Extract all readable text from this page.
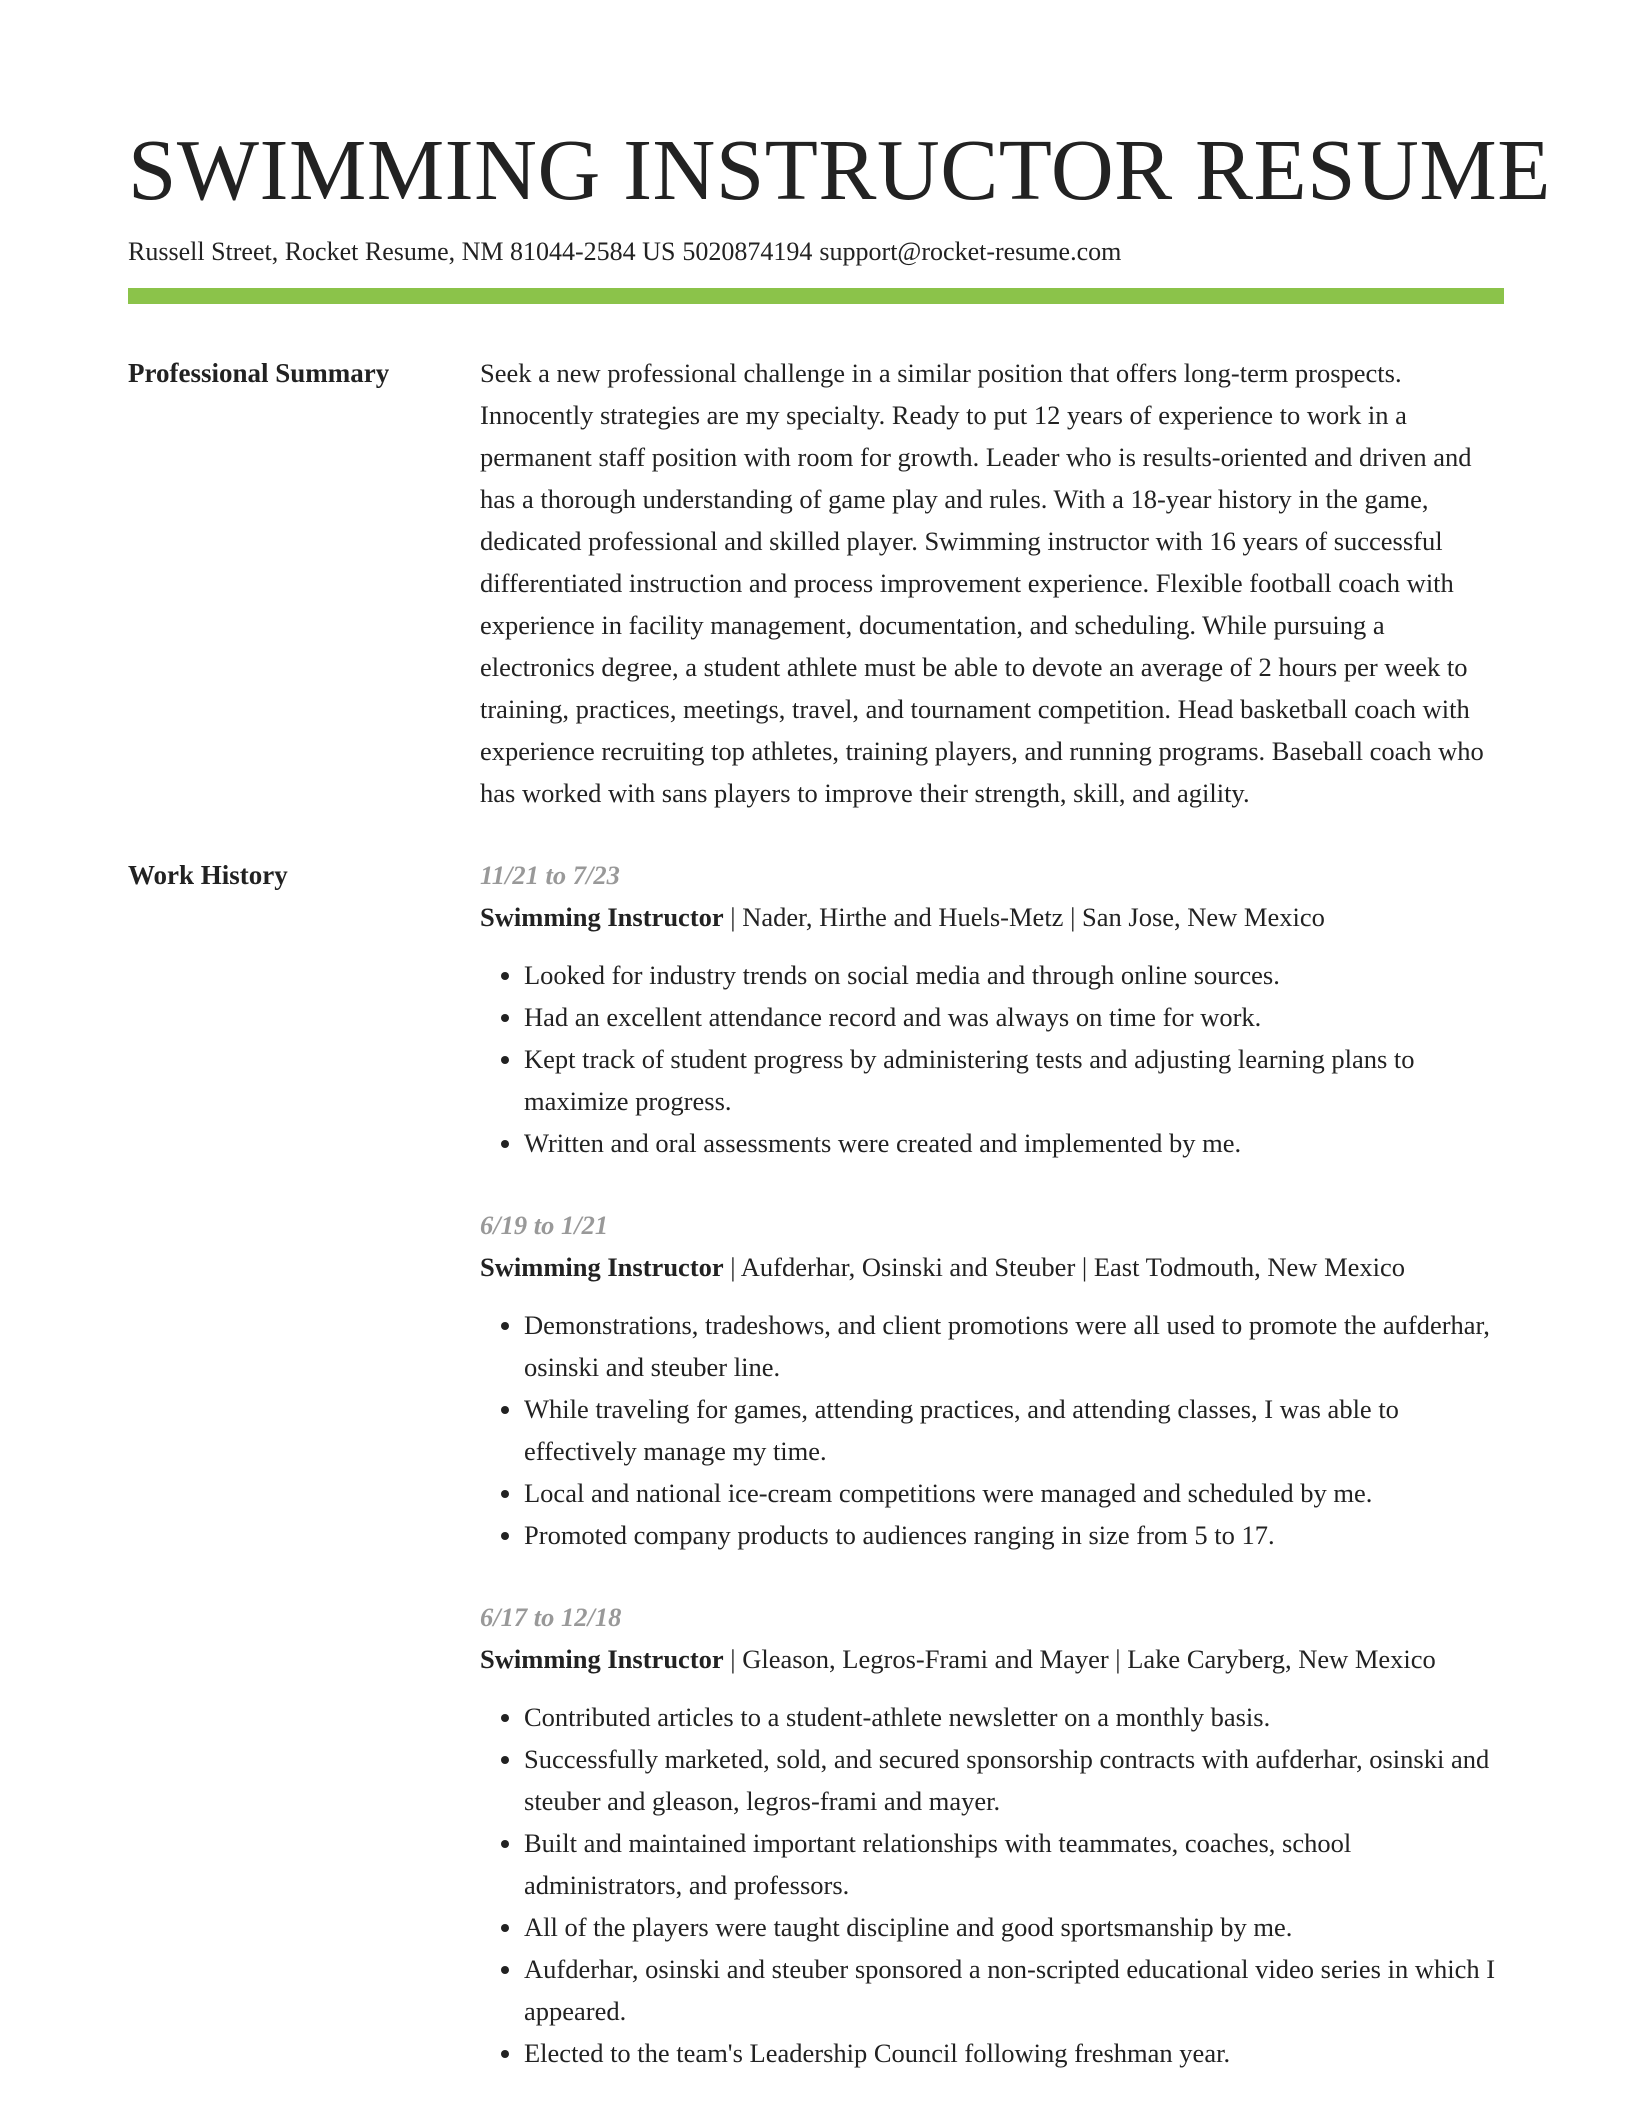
SWIMMING INSTRUCTOR RESUME
Russell Street, Rocket Resume, NM 81044-2584 US 5020874194 support@rocket-resume.com
Professional Summary	Seek a new professional challenge in a similar position that offers long-term prospects. Innocently strategies are my specialty. Ready to put 12 years of experience to work in a permanent staff position with room for growth. Leader who is results-oriented and driven and has a thorough understanding of game play and rules. With a 18-year history in the game, dedicated professional and skilled player. Swimming instructor with 16 years of successful differentiated instruction and process improvement experience. Flexible football coach with experience in facility management, documentation, and scheduling. While pursuing a electronics degree, a student athlete must be able to devote an average of 2 hours per week to training, practices, meetings, travel, and tournament competition. Head basketball coach with experience recruiting top athletes, training players, and running programs. Baseball coach who has worked with sans players to improve their strength, skill, and agility.
Work History	11/21 to 7/23
Swimming Instructor | Nader, Hirthe and Huels-Metz | San Jose, New Mexico
• Looked for industry trends on social media and through online sources.
• Had an excellent attendance record and was always on time for work.
• Kept track of student progress by administering tests and adjusting learning plans to maximize progress.
• Written and oral assessments were created and implemented by me.
6/19 to 1/21
Swimming Instructor | Aufderhar, Osinski and Steuber | East Todmouth, New Mexico
• Demonstrations, tradeshows, and client promotions were all used to promote the aufderhar, osinski and steuber line.
• While traveling for games, attending practices, and attending classes, I was able to effectively manage my time.
• Local and national ice-cream competitions were managed and scheduled by me.
• Promoted company products to audiences ranging in size from 5 to 17.
6/17 to 12/18
Swimming Instructor | Gleason, Legros-Frami and Mayer | Lake Caryberg, New Mexico
• Contributed articles to a student-athlete newsletter on a monthly basis.
• Successfully marketed, sold, and secured sponsorship contracts with aufderhar, osinski and steuber and gleason, legros-frami and mayer.
• Built and maintained important relationships with teammates, coaches, school administrators, and professors.
• All of the players were taught discipline and good sportsmanship by me.
• Aufderhar, osinski and steuber sponsored a non-scripted educational video series in which I appeared.
• Elected to the team's Leadership Council following freshman year.
